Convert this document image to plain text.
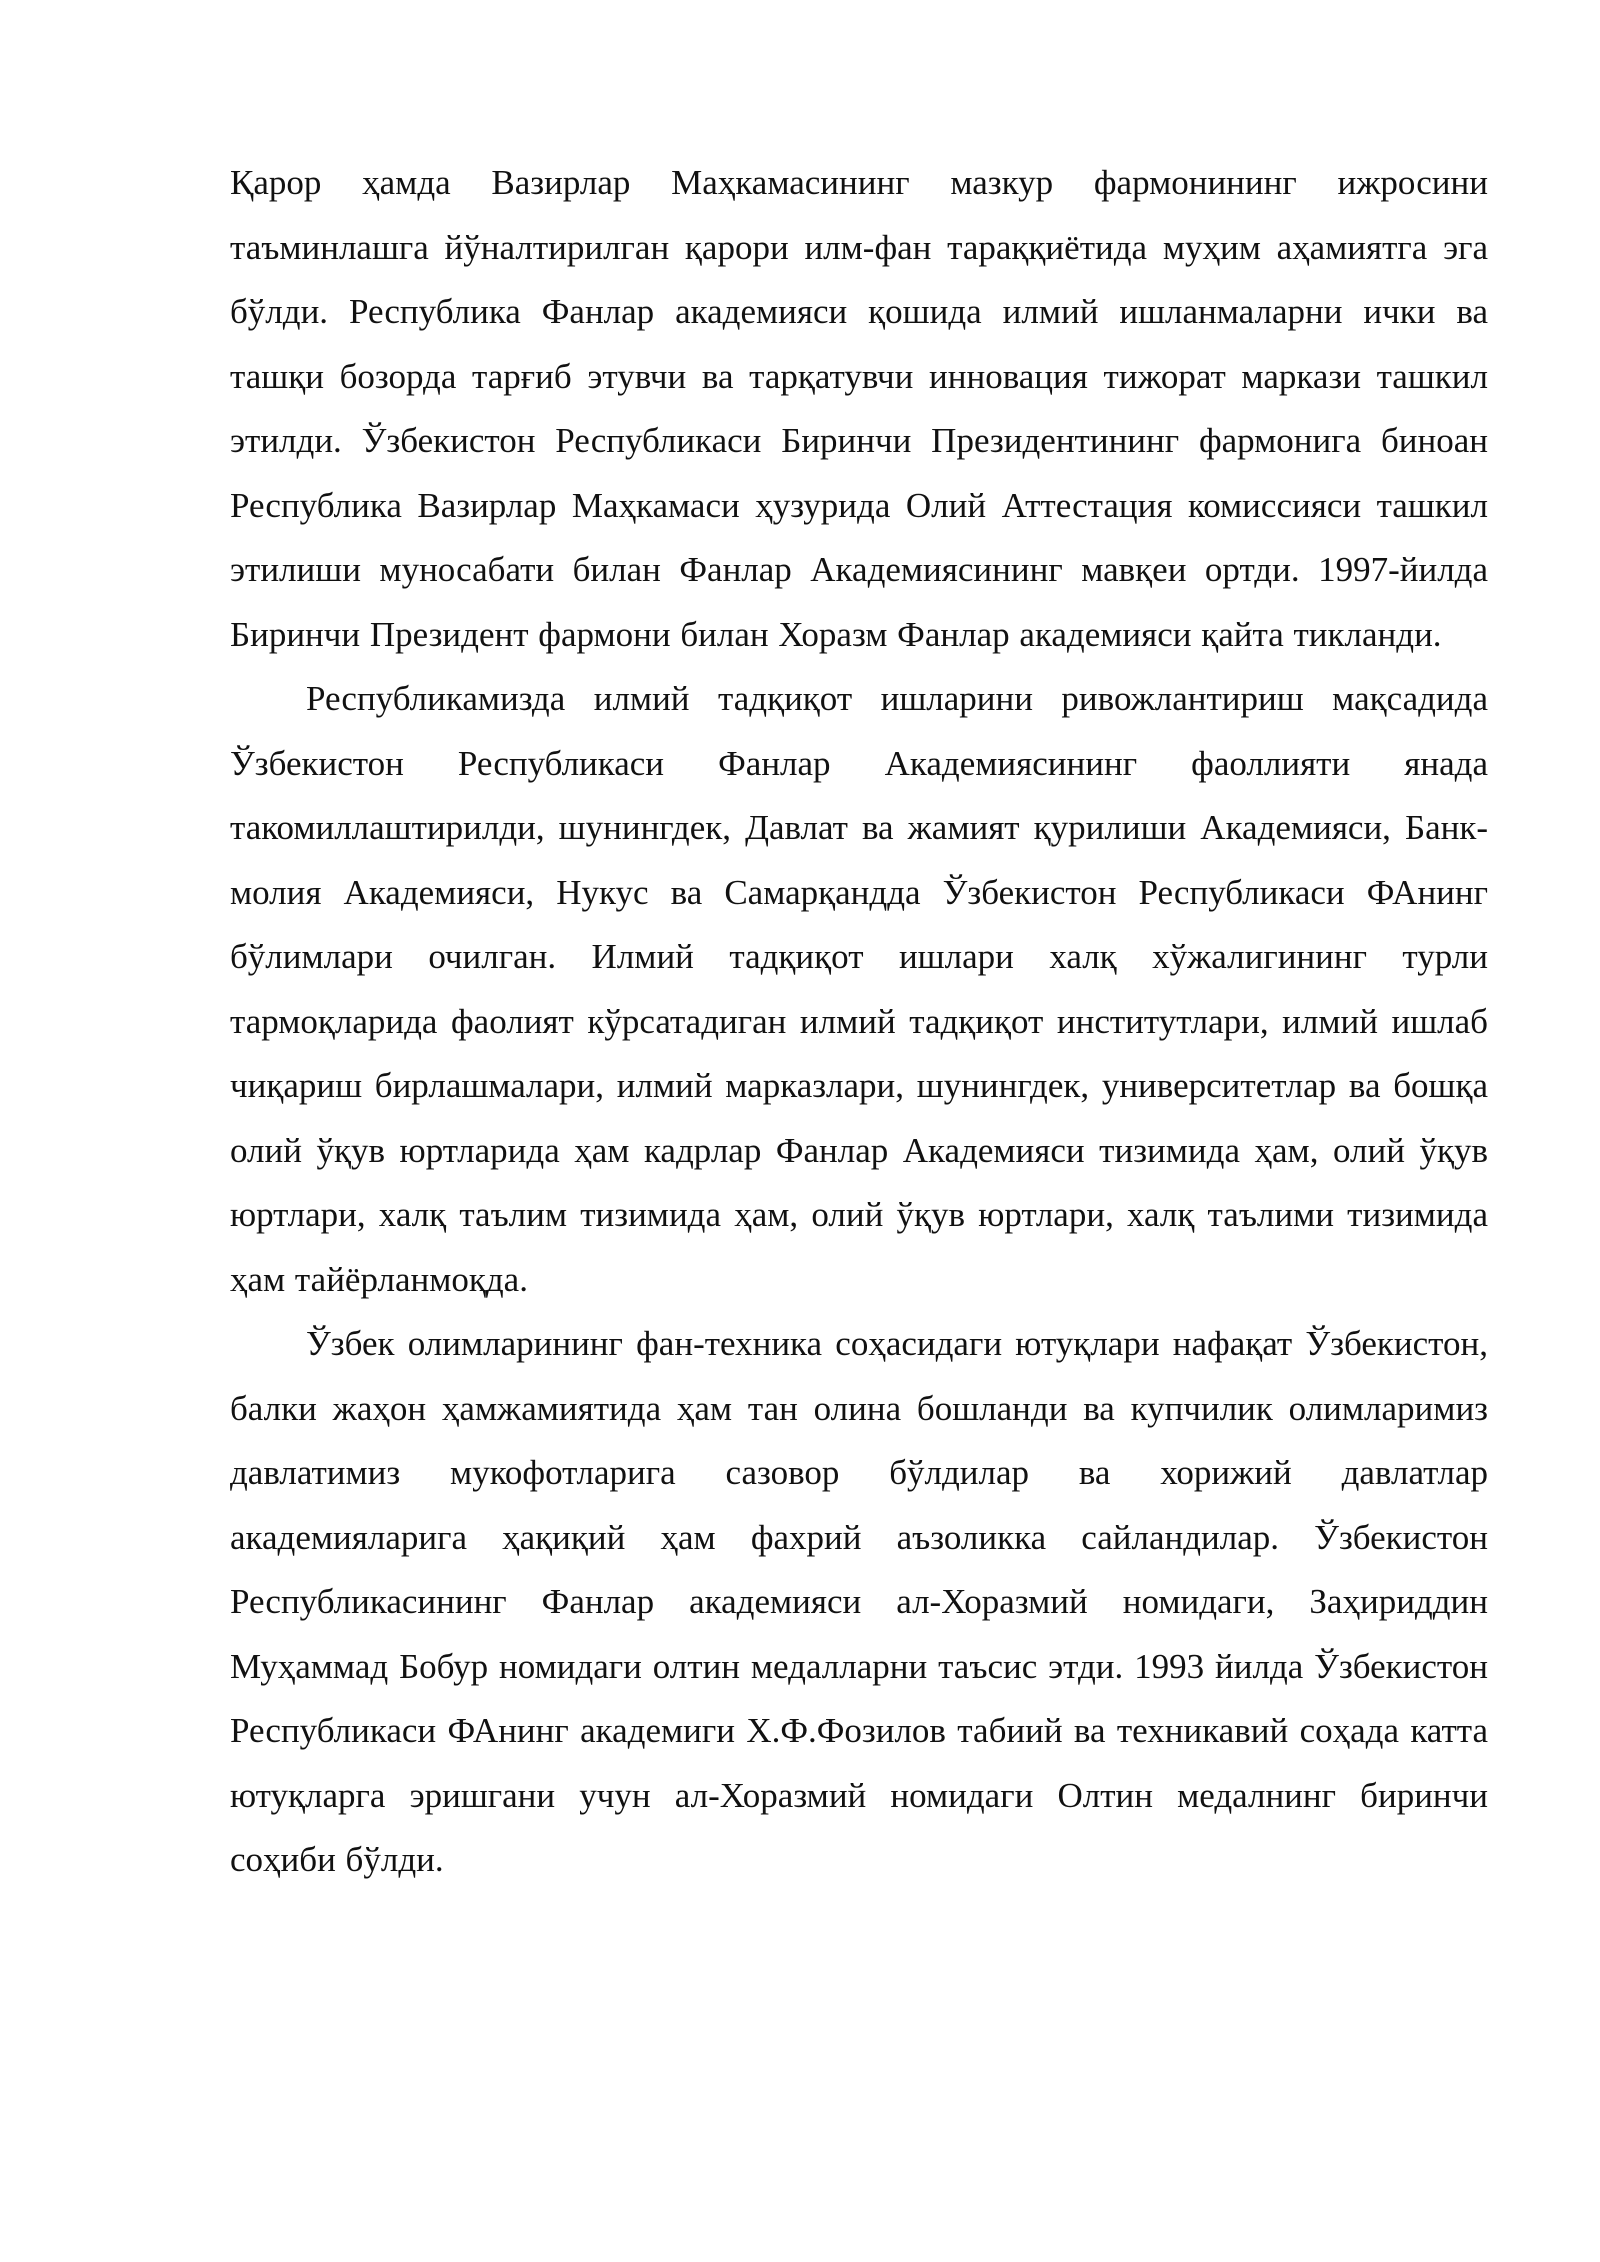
Қарор ҳамда Вазирлар Маҳкамасининг мазкур фармонининг ижросини таъминлашга йўналтирилган қарори илм-фан тараққиётида муҳим аҳамиятга эга бўлди. Республика Фанлар академияси қошида илмий ишланмаларни ички ва ташқи бозорда тарғиб этувчи ва тарқатувчи инновация тижорат маркази ташкил этилди. Ўзбекистон Республикаси Биринчи Президентининг фармонига биноан Республика Вазирлар Маҳкамаси ҳузурида Олий Аттестация комиссияси ташкил этилиши муносабати билан Фанлар Академиясининг мавқеи ортди. 1997-йилда Биринчи Президент фармони билан Хоразм Фанлар академияси қайта тикланди.

Республикамизда илмий тадқиқот ишларини ривожлантириш мақсадида Ўзбекистон Республикаси Фанлар Академиясининг фаоллияти янада такомиллаштирилди, шунингдек, Давлат ва жамият қурилиши Академияси, Банк-молия Академияси, Нукус ва Самарқандда Ўзбекистон Республикаси ФАнинг бўлимлари очилган. Илмий тадқиқот ишлари халқ хўжалигининг турли тармоқларида фаолият кўрсатадиган илмий тадқиқот институтлари, илмий ишлаб чиқариш бирлашмалари, илмий марказлари, шунингдек, университетлар ва бошқа олий ўқув юртларида ҳам кадрлар Фанлар Академияси тизимида ҳам, олий ўқув юртлари, халқ таълим тизимида ҳам, олий ўқув юртлари, халқ таълими тизимида ҳам тайёрланмоқда.

Ўзбек олимларининг фан-техника соҳасидаги ютуқлари нафақат Ўзбекистон, балки жаҳон ҳамжамиятида ҳам тан олина бошланди ва купчилик олимларимиз давлатимиз мукофотларига сазовор бўлдилар ва хорижий давлатлар академияларига ҳақиқий ҳам фахрий аъзоликка сайландилар. Ўзбекистон Республикасининг Фанлар академияси ал-Хоразмий номидаги, Заҳириддин Муҳаммад Бобур номидаги олтин медалларни таъсис этди. 1993 йилда Ўзбекистон Республикаси ФАнинг академиги Х.Ф.Фозилов табиий ва техникавий соҳада катта ютуқларга эришгани учун ал-Хоразмий номидаги Олтин медалнинг биринчи соҳиби бўлди.
